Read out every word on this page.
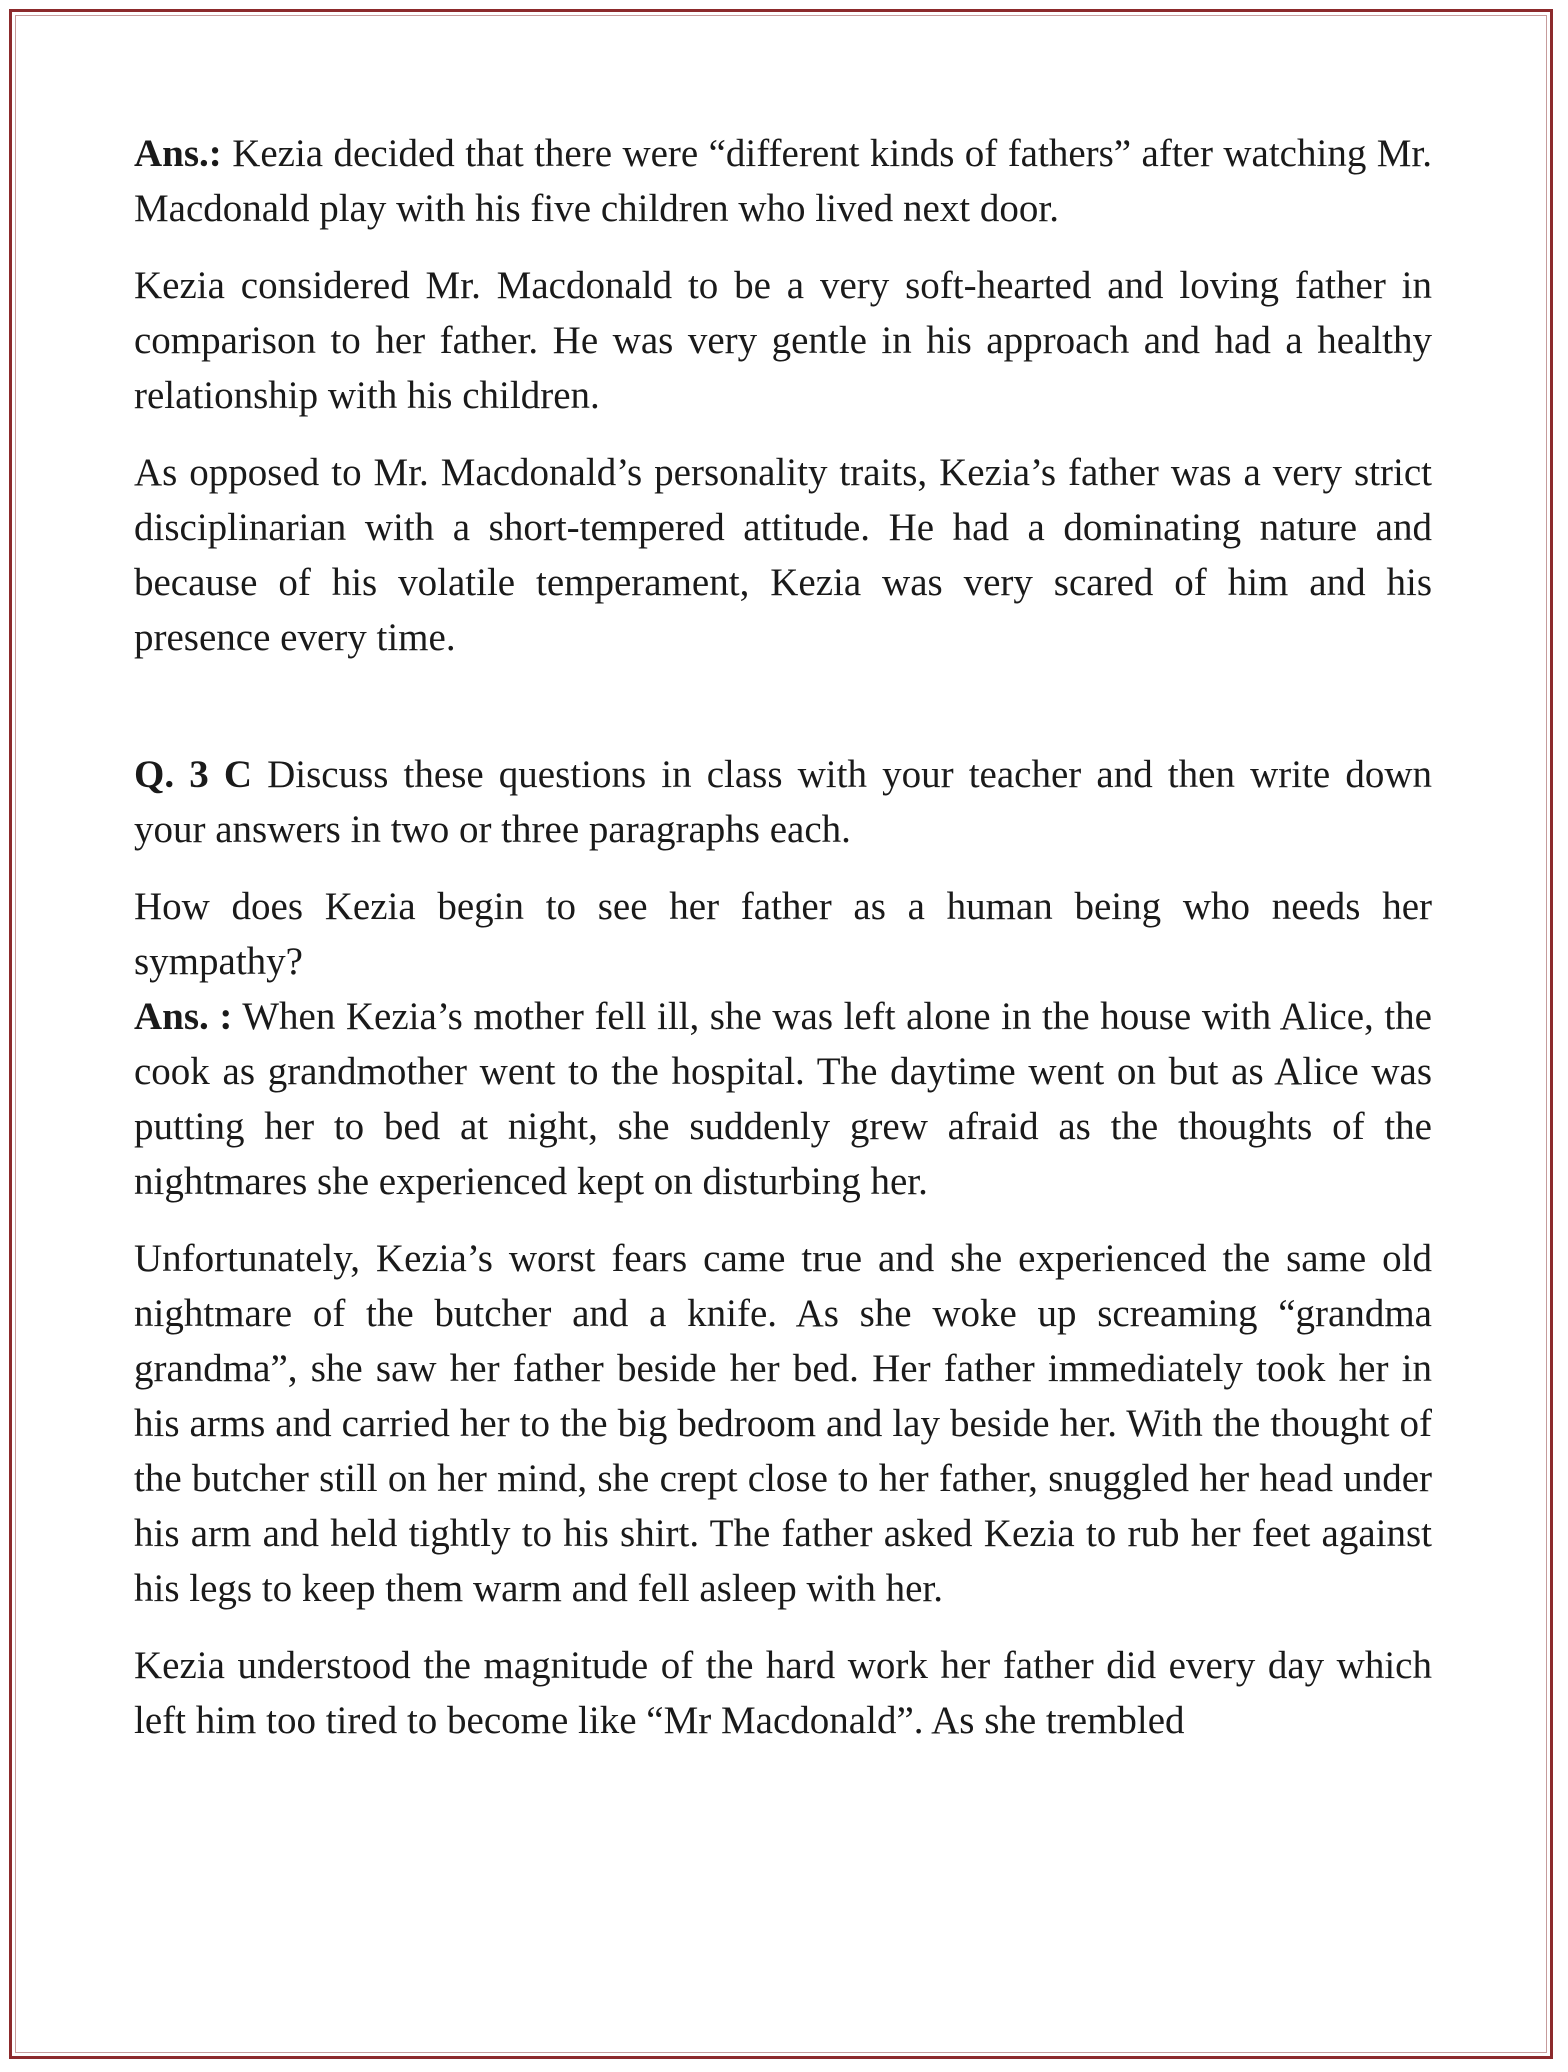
Ans.: Kezia decided that there were “different kinds of fathers” after watching Mr. Macdonald play with his five children who lived next door.

Kezia considered Mr. Macdonald to be a very soft-hearted and loving father in comparison to her father. He was very gentle in his approach and had a healthy relationship with his children.

As opposed to Mr. Macdonald’s personality traits, Kezia’s father was a very strict disciplinarian with a short-tempered attitude. He had a dominating nature and because of his volatile temperament, Kezia was very scared of him and his presence every time.

Q. 3 C Discuss these questions in class with your teacher and then write down your answers in two or three paragraphs each.

How does Kezia begin to see her father as a human being who needs her sympathy?

Ans. : When Kezia’s mother fell ill, she was left alone in the house with Alice, the cook as grandmother went to the hospital. The daytime went on but as Alice was putting her to bed at night, she suddenly grew afraid as the thoughts of the nightmares she experienced kept on disturbing her.

Unfortunately, Kezia’s worst fears came true and she experienced the same old nightmare of the butcher and a knife. As she woke up screaming “grandma grandma”, she saw her father beside her bed. Her father immediately took her in his arms and carried her to the big bedroom and lay beside her. With the thought of the butcher still on her mind, she crept close to her father, snuggled her head under his arm and held tightly to his shirt. The father asked Kezia to rub her feet against his legs to keep them warm and fell asleep with her.

Kezia understood the magnitude of the hard work her father did every day which left him too tired to become like “Mr Macdonald”. As she trembled
